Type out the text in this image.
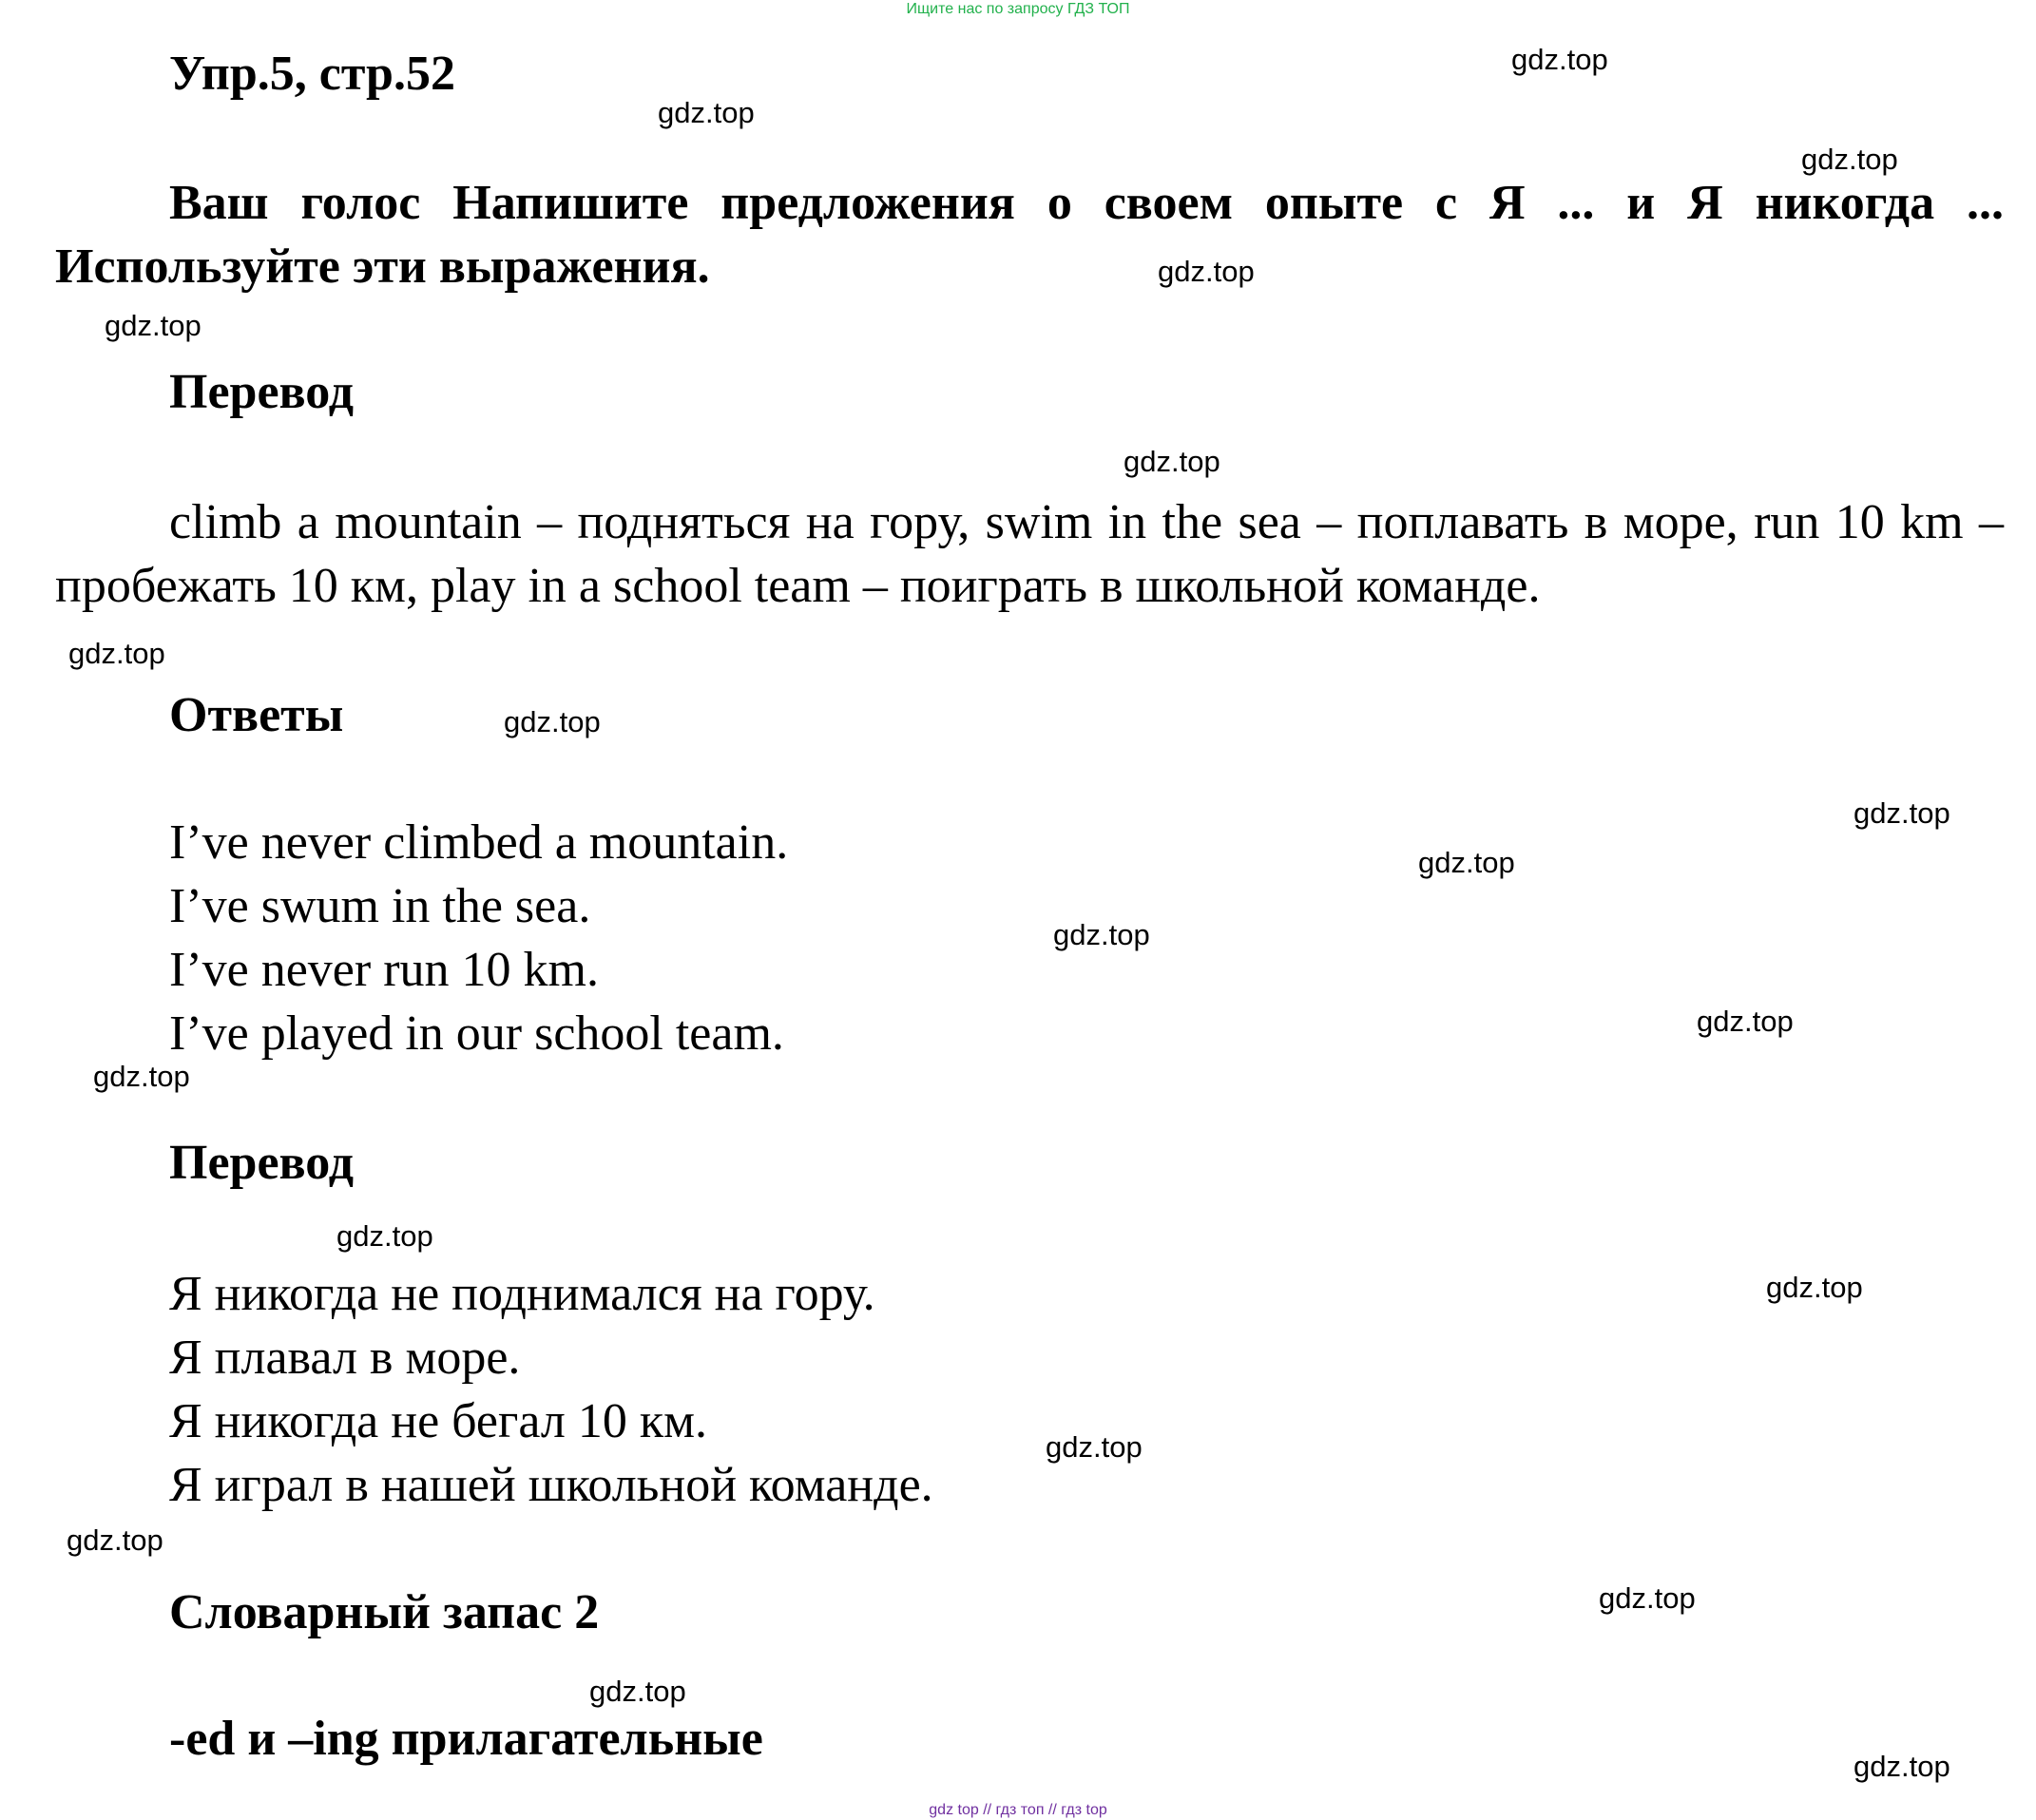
Ищите нас по запросу ГДЗ ТОП
Упр.5, стр.52
Ваш голос Напишите предложения о своем опыте с Я ... и Я никогда ... Используйте эти выражения.
Перевод
climb a mountain – подняться на гору, swim in the sea – поплавать в море, run 10 km – пробежать 10 км, play in a school team – поиграть в школьной команде.
Ответы
I’ve never climbed a mountain.
I’ve swum in the sea.
I’ve never run 10 km.
I’ve played in our school team.
Перевод
Я никогда не поднимался на гору.
Я плавал в море.
Я никогда не бегал 10 км.
Я играл в нашей школьной команде.
Словарный запас 2
-ed и –ing прилагательные
gdz.top
gdz.top
gdz.top
gdz.top
gdz.top
gdz.top
gdz.top
gdz.top
gdz.top
gdz.top
gdz.top
gdz.top
gdz.top
gdz.top
gdz.top
gdz.top
gdz.top
gdz.top
gdz.top
gdz.top
gdz top // гдз топ // гдз top
